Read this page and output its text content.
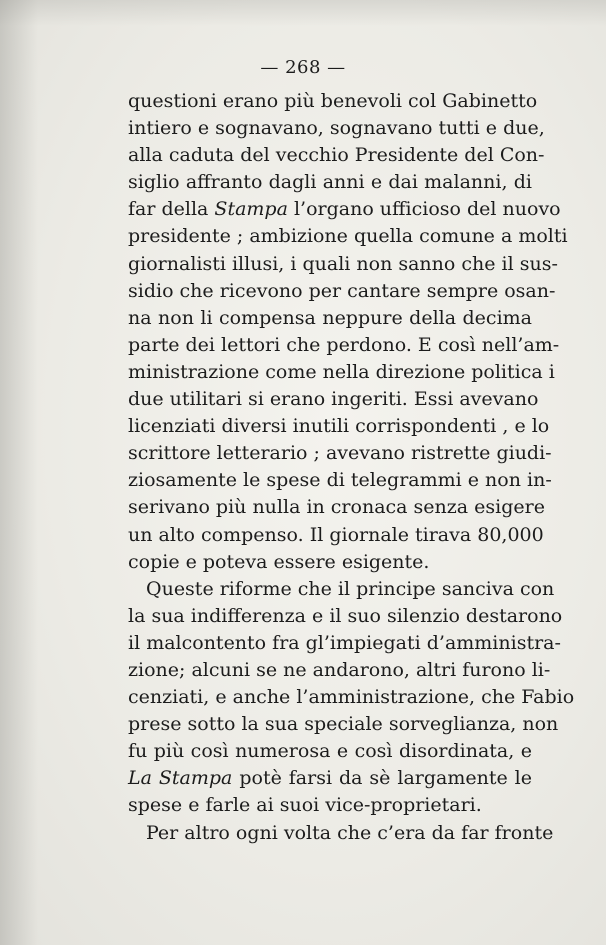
— 268 —
questioni erano più benevoli col Gabinetto
intiero e sognavano, sognavano tutti e due,
alla caduta del vecchio Presidente del Con-
siglio affranto dagli anni e dai malanni, di
far della Stampa l’organo ufficioso del nuovo
presidente ; ambizione quella comune a molti
giornalisti illusi, i quali non sanno che il sus-
sidio che ricevono per cantare sempre osan-
na non li compensa neppure della decima
parte dei lettori che perdono. E così nell’am-
ministrazione come nella direzione politica i
due utilitari si erano ingeriti. Essi avevano
licenziati diversi inutili corrispondenti , e lo
scrittore letterario ; avevano ristrette giudi-
ziosamente le spese di telegrammi e non in-
serivano più nulla in cronaca senza esigere
un alto compenso. Il giornale tirava 80,000
copie e poteva essere esigente.
Queste riforme che il principe sanciva con
la sua indifferenza e il suo silenzio destarono
il malcontento fra gl’impiegati d’amministra-
zione; alcuni se ne andarono, altri furono li-
cenziati, e anche l’amministrazione, che Fabio
prese sotto la sua speciale sorveglianza, non
fu più così numerosa e così disordinata, e
La Stampa potè farsi da sè largamente le
spese e farle ai suoi vice-proprietari.
Per altro ogni volta che c’era da far fronte
